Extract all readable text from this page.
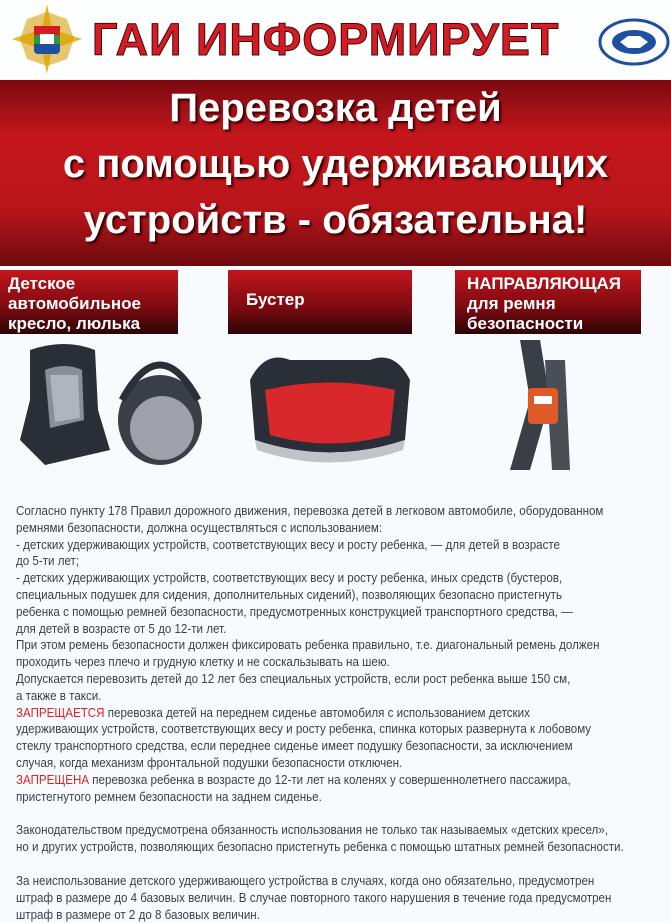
ГАИ ИНФОРМИРУЕТ
Перевозка детей
с помощью удерживающих
устройств - обязательна!
Детское
автомобильное
кресло, люлька
Бустер
НАПРАВЛЯЮЩАЯ
для ремня
безопасности

Согласно пункту 178 Правил дорожного движения, перевозка детей в легковом автомобиле, оборудованном

ремнями безопасности, должна осуществляться с использованием:

- детских удерживающих устройств, соответствующих весу и росту ребенка, — для детей в возрасте

до 5-ти лет;

- детских удерживающих устройств, соответствующих весу и росту ребенка, иных средств (бустеров,

специальных подушек для сидения, дополнительных сидений), позволяющих безопасно пристегнуть

ребенка с помощью ремней безопасности, предусмотренных конструкцией транспортного средства, —

для детей в возрасте от 5 до 12-ти лет.

При этом ремень безопасности должен фиксировать ребенка правильно, т.е. диагональный ремень должен

проходить через плечо и грудную клетку и не соскальзывать на шею.

Допускается перевозить детей до 12 лет без специальных устройств, если рост ребенка выше 150 см,

а также в такси.

ЗАПРЕЩАЕТСЯ перевозка детей на переднем сиденье автомобиля с использованием детских

удерживающих устройств, соответствующих весу и росту ребенка, спинка которых развернута к лобовому

стеклу транспортного средства, если переднее сиденье имеет подушку безопасности, за исключением

случая, когда механизм фронтальной подушки безопасности отключен.

ЗАПРЕЩЕНА перевозка ребенка в возрасте до 12-ти лет на коленях у совершеннолетнего пассажира,

пристегнутого ремнем безопасности на заднем сиденье.

Законодательством предусмотрена обязанность использования не только так называемых «детских кресел»,

но и других устройств, позволяющих безопасно пристегнуть ребенка с помощью штатных ремней безопасности.

За неиспользование детского удерживающего устройства в случаях, когда оно обязательно, предусмотрен

штраф в размере до 4 базовых величин. В случае повторного такого нарушения в течение года предусмотрен

штраф в размере от 2 до 8 базовых величин.
